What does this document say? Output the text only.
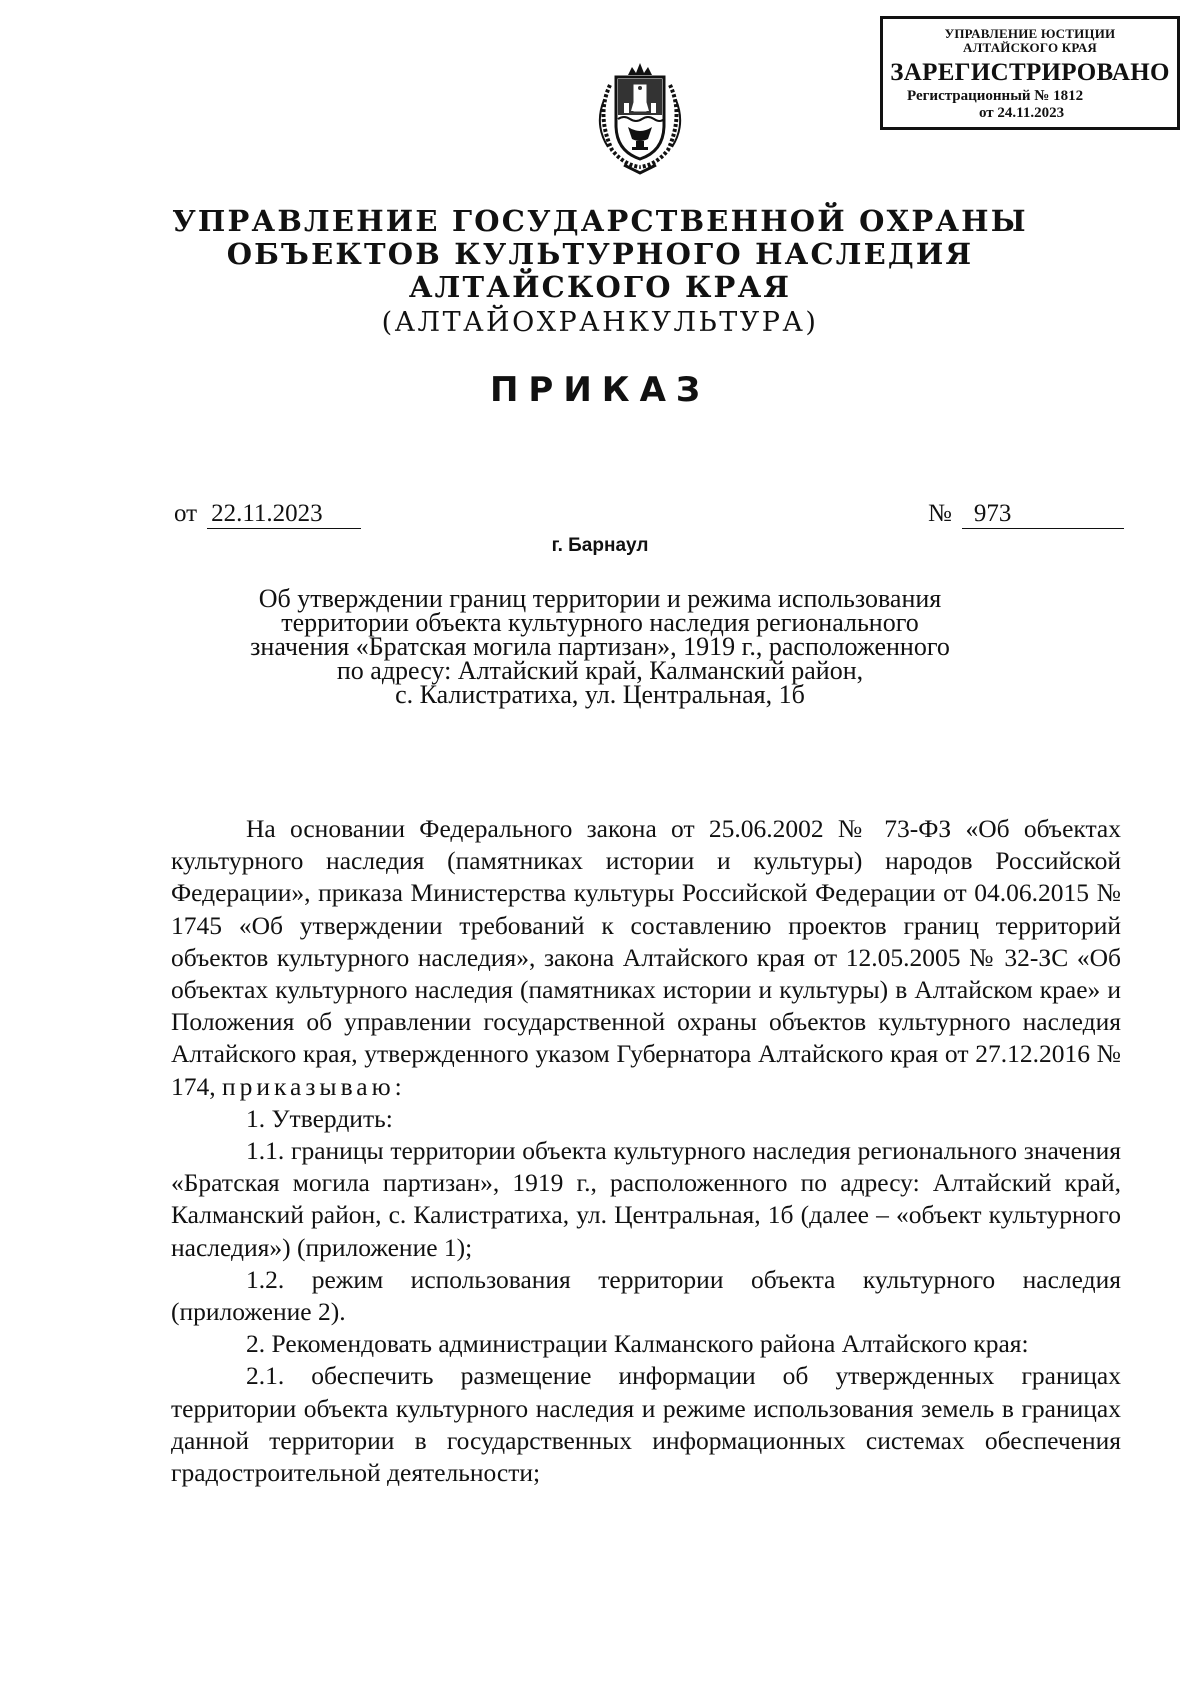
УПРАВЛЕНИЕ ЮСТИЦИИ
АЛТАЙСКОГО КРАЯ
ЗАРЕГИСТРИРОВАНО
Регистрационный № 1812
от 24.11.2023
УПРАВЛЕНИЕ ГОСУДАРСТВЕННОЙ ОХРАНЫ
ОБЪЕКТОВ КУЛЬТУРНОГО НАСЛЕДИЯ
АЛТАЙСКОГО КРАЯ
(АЛТАЙОХРАНКУЛЬТУРА)
ПРИКАЗ
от 22.11.2023	№ 973
г. Барнаул
Об утверждении границ территории и режима использования
территории объекта культурного наследия регионального
значения «Братская могила партизан», 1919 г., расположенного
по адресу: Алтайский край, Калманский район,
с. Калистратиха, ул. Центральная, 1б

На основании Федерального закона от 25.06.2002 № 73-ФЗ «Об объектах культурного наследия (памятниках истории и культуры) народов Российской Федерации», приказа Министерства культуры Российской Федерации от 04.06.2015 № 1745 «Об утверждении требований к составлению проектов границ территорий объектов культурного наследия», закона Алтайского края от 12.05.2005 № 32-ЗС «Об объектах культурного наследия (памятниках истории и культуры) в Алтайском крае» и Положения об управлении государственной охраны объектов культурного наследия Алтайского края, утвержденного указом Губернатора Алтайского края от 27.12.2016 № 174, приказываю:

1. Утвердить:

1.1. границы территории объекта культурного наследия регионального значения «Братская могила партизан», 1919 г., расположенного по адресу: Алтайский край, Калманский район, с. Калистратиха, ул. Центральная, 1б (далее – «объект культурного наследия») (приложение 1);

1.2. режим использования территории объекта культурного наследия (приложение 2).

2. Рекомендовать администрации Калманского района Алтайского края:

2.1. обеспечить размещение информации об утвержденных границах территории объекта культурного наследия и режиме использования земель в границах данной территории в государственных информационных системах обеспечения градостроительной деятельности;
